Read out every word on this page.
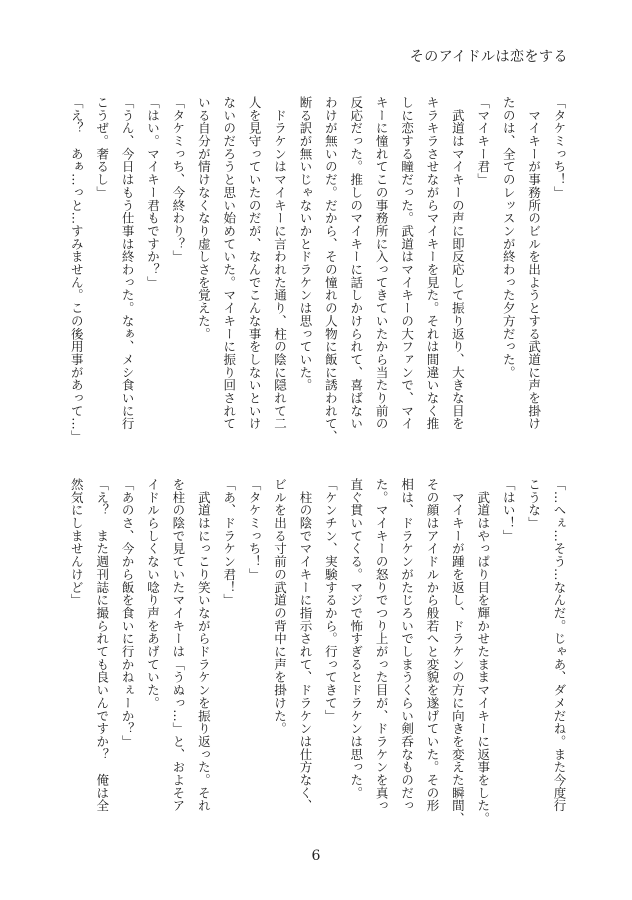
そのアイドルは恋をする

「タケミっち！」

　マイキーが事務所のビルを出ようとする武道に声を掛け

たのは、全てのレッスンが終わった夕方だった。

「マイキー君」

　武道はマイキーの声に即反応して振り返り、大きな目を

キラキラさせながらマイキーを見た。それは間違いなく推

しに恋する瞳だった。武道はマイキーの大ファンで、マイ

キーに憧れてこの事務所に入ってきていたから当たり前の

反応だった。推しのマイキーに話しかけられて、喜ばない

わけが無いのだ。だから、その憧れの人物に飯に誘われて、

断る訳が無いじゃないかとドラケンは思っていた。

　ドラケンはマイキーに言われた通り、柱の陰に隠れて二

人を見守っていたのだが、なんでこんな事をしないといけ

ないのだろうと思い始めていた。マイキーに振り回されて

いる自分が情けなくなり虚しさを覚えた。

「タケミっち、今終わり？」

「はい。マイキー君もですか？」

「うん、今日はもう仕事は終わった。なぁ、メシ食いに行

こうぜ。奢るし」

「え？　あぁ…っと…すみません。この後用事があって…」

「…へぇ…そう…なんだ。じゃあ、ダメだね。また今度行

こうな」

「はい！」

　武道はやっぱり目を輝かせたままマイキーに返事をした。

　マイキーが踵を返し、ドラケンの方に向きを変えた瞬間、

その顔はアイドルから般若へと変貌を遂げていた。その形

相は、ドラケンがたじろいでしまうくらい剣呑なものだっ

た。マイキーの怒りでつり上がった目が、ドラケンを真っ

直ぐ貫いてくる。マジで怖すぎるとドラケンは思った。

「ケンチン、実験するから。行ってきて」

　柱の陰でマイキーに指示されて、ドラケンは仕方なく、

ビルを出る寸前の武道の背中に声を掛けた。

「タケミっち！」

「あ、ドラケン君！」

　武道はにっこり笑いながらドラケンを振り返った。それ

を柱の陰で見ていたマイキーは「うぬっ…」と、およそア

イドルらしくない唸り声をあげていた。

「あのさ、今から飯を食いに行かねぇーか？」

「え？　また週刊誌に撮られても良いんですか？　俺は全

然気にしませんけど」

6
